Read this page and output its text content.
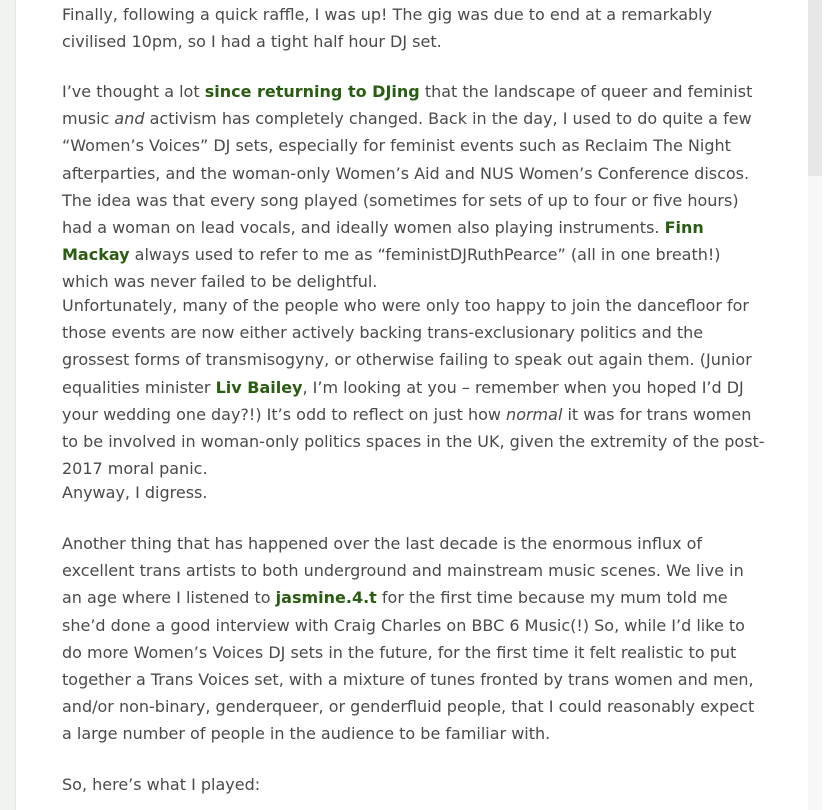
Finally, following a quick raffle, I was up! The gig was due to end at a remarkably civilised 10pm, so I had a tight half hour DJ set.

I’ve thought a lot since returning to DJing that the landscape of queer and feminist music and activism has completely changed. Back in the day, I used to do quite a few “Women’s Voices” DJ sets, especially for feminist events such as Reclaim The Night afterparties, and the woman-only Women’s Aid and NUS Women’s Conference discos. The idea was that every song played (sometimes for sets of up to four or five hours) had a woman on lead vocals, and ideally women also playing instruments. Finn Mackay always used to refer to me as “feministDJRuthPearce” (all in one breath!) which was never failed to be delightful.

Unfortunately, many of the people who were only too happy to join the dancefloor for those events are now either actively backing trans-exclusionary politics and the grossest forms of transmisogyny, or otherwise failing to speak out again them. (Junior equalities minister Liv Bailey, I’m looking at you – remember when you hoped I’d DJ your wedding one day?!) It’s odd to reflect on just how normal it was for trans women to be involved in woman-only politics spaces in the UK, given the extremity of the post-2017 moral panic.

Anyway, I digress.

Another thing that has happened over the last decade is the enormous influx of excellent trans artists to both underground and mainstream music scenes. We live in an age where I listened to jasmine.4.t for the first time because my mum told me she’d done a good interview with Craig Charles on BBC 6 Music(!) So, while I’d like to do more Women’s Voices DJ sets in the future, for the first time it felt realistic to put together a Trans Voices set, with a mixture of tunes fronted by trans women and men, and/or non-binary, genderqueer, or genderfluid people, that I could reasonably expect a large number of people in the audience to be familiar with.

So, here’s what I played:
